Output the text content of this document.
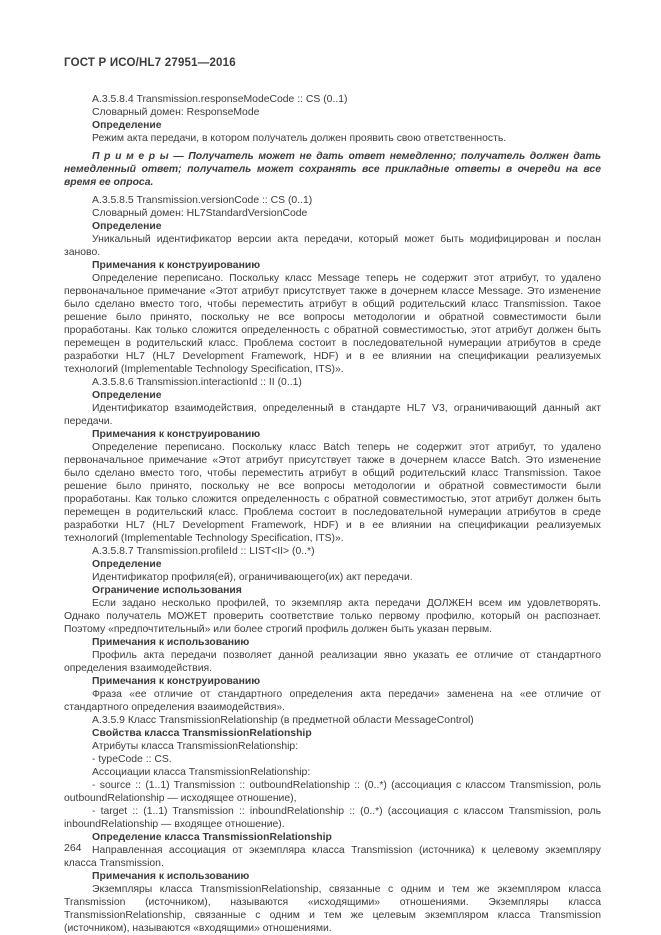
ГОСТ Р ИСО/HL7 27951—2016

А.3.5.8.4 Transmission.responseModeCode :: CS (0..1)

Словарный домен: ResponseMode

Определение

Режим акта передачи, в котором получатель должен проявить свою ответственность.

П р и м е р ы — Получатель может не дать ответ немедленно; получатель должен дать немедленный ответ; получатель может сохранять все прикладные ответы в очереди на все время ее опроса.

А.3.5.8.5 Transmission.versionCode :: CS (0..1)

Словарный домен: HL7StandardVersionCode

Определение

Уникальный идентификатор версии акта передачи, который может быть модифицирован и послан заново.

Примечания к конструированию

Определение переписано. Поскольку класс Message теперь не содержит этот атрибут, то удалено первоначальное примечание «Этот атрибут присутствует также в дочернем классе Message. Это изменение было сделано вместо того, чтобы переместить атрибут в общий родительский класс Transmission. Такое решение было принято, поскольку не все вопросы методологии и обратной совместимости были проработаны. Как только сложится определенность с обратной совместимостью, этот атрибут должен быть перемещен в родительский класс. Проблема состоит в последовательной нумерации атрибутов в среде разработки HL7 (HL7 Development Framework, HDF) и в ее влиянии на спецификации реализуемых технологий (Implementable Technology Specification, ITS)».

А.3.5.8.6 Transmission.interactionId :: II (0..1)

Определение

Идентификатор взаимодействия, определенный в стандарте HL7 V3, ограничивающий данный акт передачи.

Примечания к конструированию

Определение переписано. Поскольку класс Batch теперь не содержит этот атрибут, то удалено первоначальное примечание «Этот атрибут присутствует также в дочернем классе Batch. Это изменение было сделано вместо того, чтобы переместить атрибут в общий родительский класс Transmission. Такое решение было принято, поскольку не все вопросы методологии и обратной совместимости были проработаны. Как только сложится определенность с обратной совместимостью, этот атрибут должен быть перемещен в родительский класс. Проблема состоит в последовательной нумерации атрибутов в среде разработки HL7 (HL7 Development Framework, HDF) и в ее влиянии на спецификации реализуемых технологий (Implementable Technology Specification, ITS)».

А.3.5.8.7 Transmission.profileId :: LIST<II> (0..*)

Определение

Идентификатор профиля(ей), ограничивающего(их) акт передачи.

Ограничение использования

Если задано несколько профилей, то экземпляр акта передачи ДОЛЖЕН всем им удовлетворять. Однако получатель МОЖЕТ проверить соответствие только первому профилю, который он распознает. Поэтому «предпочтительный» или более строгий профиль должен быть указан первым.

Примечания к использованию

Профиль акта передачи позволяет данной реализации явно указать ее отличие от стандартного определения взаимодействия.

Примечания к конструированию

Фраза «ее отличие от стандартного определения акта передачи» заменена на «ее отличие от стандартного определения взаимодействия».

А.3.5.9 Класс TransmissionRelationship (в предметной области MessageControl)

Свойства класса TransmissionRelationship

Атрибуты класса TransmissionRelationship:

- typeCode :: CS.

Ассоциации класса TransmissionRelationship:

- source :: (1..1) Transmission :: outboundRelationship :: (0..*) (ассоциация с классом Transmission, роль outboundRelationship — исходящее отношение),

- target :: (1..1) Transmission :: inboundRelationship :: (0..*) (ассоциация с классом Transmission, роль inboundRelationship — входящее отношение).

Определение класса TransmissionRelationship

Направленная ассоциация от экземпляра класса Transmission (источника) к целевому экземпляру класса Transmission.

Примечания к использованию

Экземпляры класса TransmissionRelationship, связанные с одним и тем же экземпляром класса Transmission (источником), называются «исходящими» отношениями. Экземпляры класса TransmissionRelationship, связанные с одним и тем же целевым экземпляром класса Transmission (источником), называются «входящими» отношениями.

264
